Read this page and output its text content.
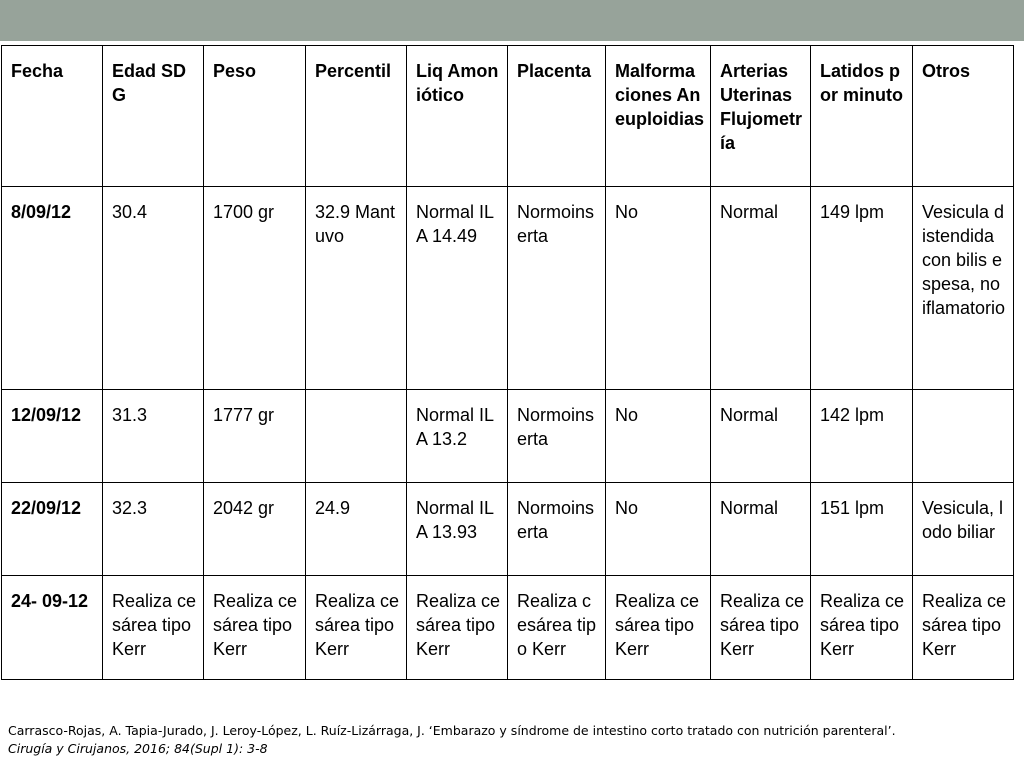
Fecha	Edad SDG	Peso	Percentil	Liq Amoniótico	Placenta	Malformaciones Aneuploidias	Arterias Uterinas Flujometría	Latidos por minuto	Otros
8/09/12	30.4	1700 gr	32.9 Mantuvo	Normal ILA 14.49	Normoinserta	No	Normal	149 lpm	Vesicula distendida con bilis espesa, no iflamatorio
12/09/12	31.3	1777 gr		Normal ILA 13.2	Normoinserta	No	Normal	142 lpm	
22/09/12	32.3	2042 gr	24.9	Normal ILA 13.93	Normoinserta	No	Normal	151 lpm	Vesicula, lodo biliar
24- 09-12	Realiza cesárea tipo Kerr	Realiza cesárea tipo Kerr	Realiza cesárea tipo Kerr	Realiza cesárea tipo Kerr	Realiza cesárea tipo Kerr	Realiza cesárea tipo Kerr	Realiza cesárea tipo Kerr	Realiza cesárea tipo Kerr	Realiza cesárea tipo Kerr
Carrasco-Rojas, A. Tapia-Jurado, J. Leroy-López, L. Ruíz-Lizárraga, J. ‘Embarazo y síndrome de intestino corto tratado con nutrición parenteral’.
Cirugía y Cirujanos, 2016; 84(Supl 1): 3-8
